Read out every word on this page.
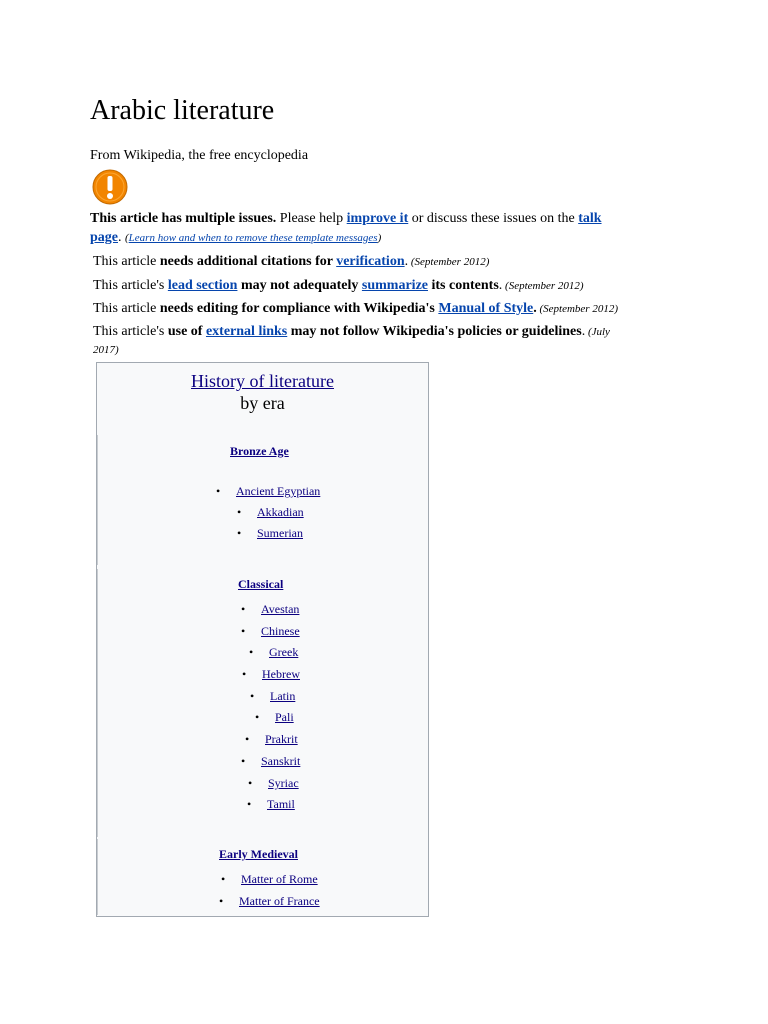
Arabic literature
From Wikipedia, the free encyclopedia
This article has multiple issues. Please help improve it or discuss these issues on the talk
page. (Learn how and when to remove these template messages)
This article needs additional citations for verification. (September 2012)
This article's lead section may not adequately summarize its contents. (September 2012)
This article needs editing for compliance with Wikipedia's Manual of Style. (September 2012)
This article's use of external links may not follow Wikipedia's policies or guidelines. (July
2017)
History of literature
by era
Bronze Age
• Ancient Egyptian
• Akkadian
• Sumerian
Classical
• Avestan
• Chinese
• Greek
• Hebrew
• Latin
• Pali
• Prakrit
• Sanskrit
• Syriac
• Tamil
Early Medieval
• Matter of Rome
• Matter of France
